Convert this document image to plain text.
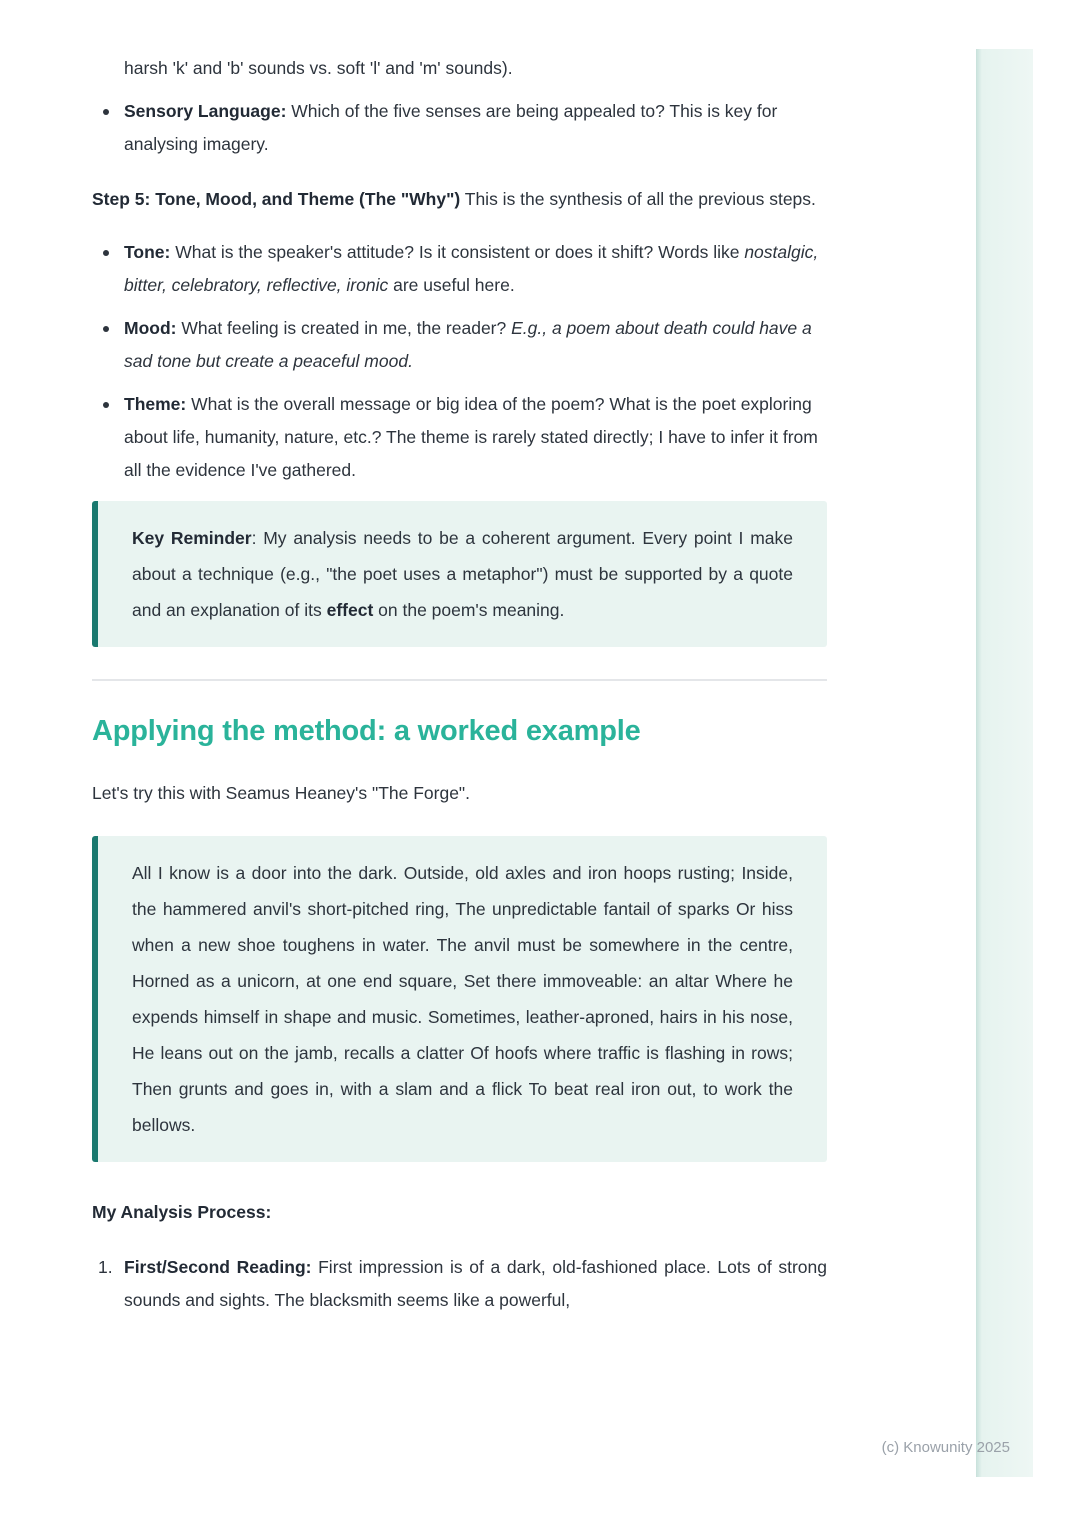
harsh 'k' and 'b' sounds vs. soft 'l' and 'm' sounds).

Sensory Language: Which of the five senses are being appealed to? This is key for analysing imagery.

Step 5: Tone, Mood, and Theme (The "Why") This is the synthesis of all the previous steps.

Tone: What is the speaker's attitude? Is it consistent or does it shift? Words like nostalgic, bitter, celebratory, reflective, ironic are useful here.
Mood: What feeling is created in me, the reader? E.g., a poem about death could have a sad tone but create a peaceful mood.
Theme: What is the overall message or big idea of the poem? What is the poet exploring about life, humanity, nature, etc.? The theme is rarely stated directly; I have to infer it from all the evidence I've gathered.
Key Reminder: My analysis needs to be a coherent argument. Every point I make about a technique (e.g., "the poet uses a metaphor") must be supported by a quote and an explanation of its effect on the poem's meaning.
Applying the method: a worked example

Let's try this with Seamus Heaney's "The Forge".

All I know is a door into the dark. Outside, old axles and iron hoops rusting; Inside, the hammered anvil's short-pitched ring, The unpredictable fantail of sparks Or hiss when a new shoe toughens in water. The anvil must be somewhere in the centre, Horned as a unicorn, at one end square, Set there immoveable: an altar Where he expends himself in shape and music. Sometimes, leather-aproned, hairs in his nose, He leans out on the jamb, recalls a clatter Of hoofs where traffic is flashing in rows; Then grunts and goes in, with a slam and a flick To beat real iron out, to work the bellows.

My Analysis Process:

1. First/Second Reading: First impression is of a dark, old-fashioned place. Lots of strong sounds and sights. The blacksmith seems like a powerful,
(c) Knowunity 2025
